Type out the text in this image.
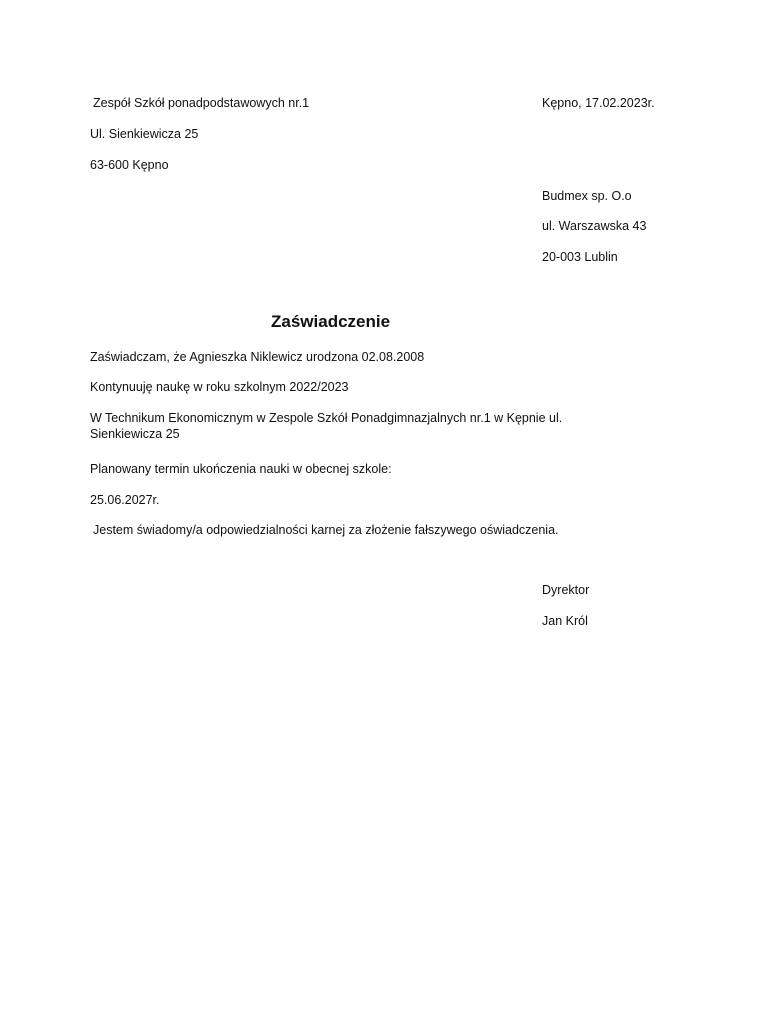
Zespół Szkół ponadpodstawowych nr.1
Ul. Sienkiewicza 25
63-600 Kępno
Kępno, 17.02.2023r.
Budmex sp. O.o
ul. Warszawska 43
20-003 Lublin
Zaświadczenie
Zaświadczam, że Agnieszka Niklewicz urodzona 02.08.2008
Kontynuuję naukę w roku szkolnym 2022/2023
W Technikum Ekonomicznym w Zespole Szkół Ponadgimnazjalnych nr.1 w Kępnie ul. Sienkiewicza 25
Planowany termin ukończenia nauki w obecnej szkole:
25.06.2027r.
Jestem świadomy/a odpowiedzialności karnej za złożenie fałszywego oświadczenia.
Dyrektor
Jan Król
